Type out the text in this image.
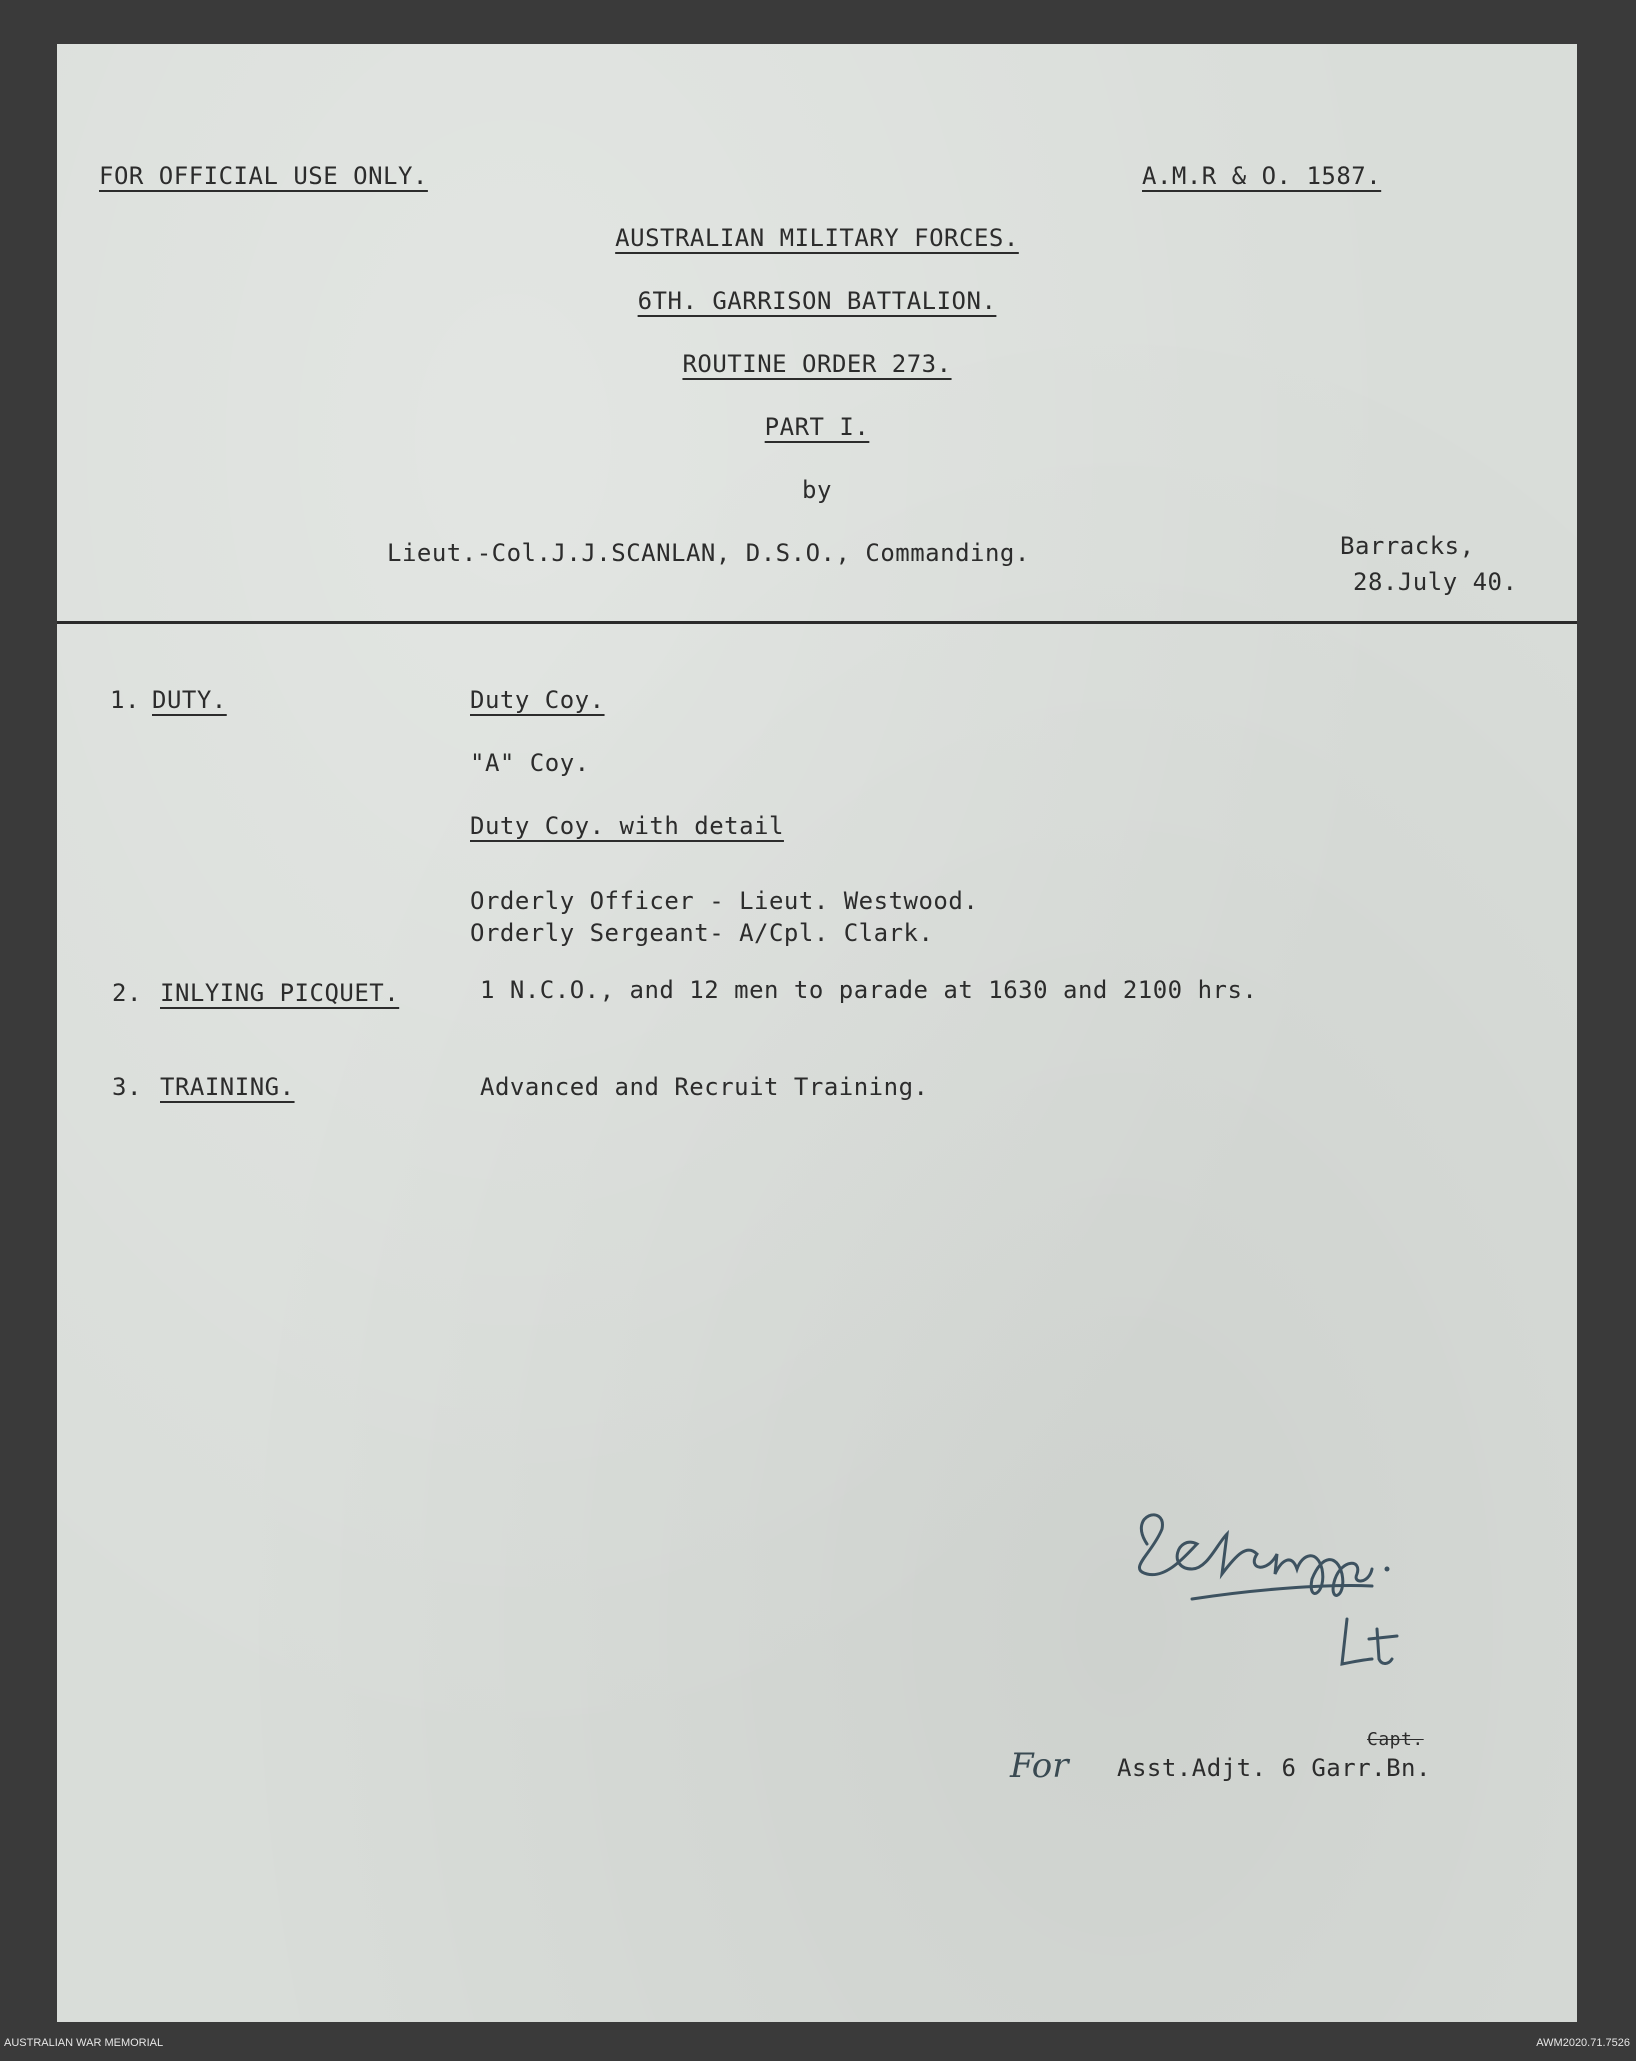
FOR OFFICIAL USE ONLY.	A.M.R & O. 1587.
AUSTRALIAN MILITARY FORCES.
6TH. GARRISON BATTALION.
ROUTINE ORDER 273.
PART I.
by
Lieut.-Col.J.J.SCANLAN, D.S.O., Commanding.	Barracks,
28.July 40.
1. DUTY.	Duty Coy.
"A" Coy.
Duty Coy. with detail
Orderly Officer - Lieut. Westwood.
Orderly Sergeant- A/Cpl. Clark.
2. INLYING PICQUET.	1 N.C.O., and 12 men to parade at 1630 and 2100 hrs.
3. TRAINING.	Advanced and Recruit Training.
For
Capt.
Asst.Adjt. 6 Garr.Bn.
AUSTRALIAN WAR MEMORIAL	AWM2020.71.7526
